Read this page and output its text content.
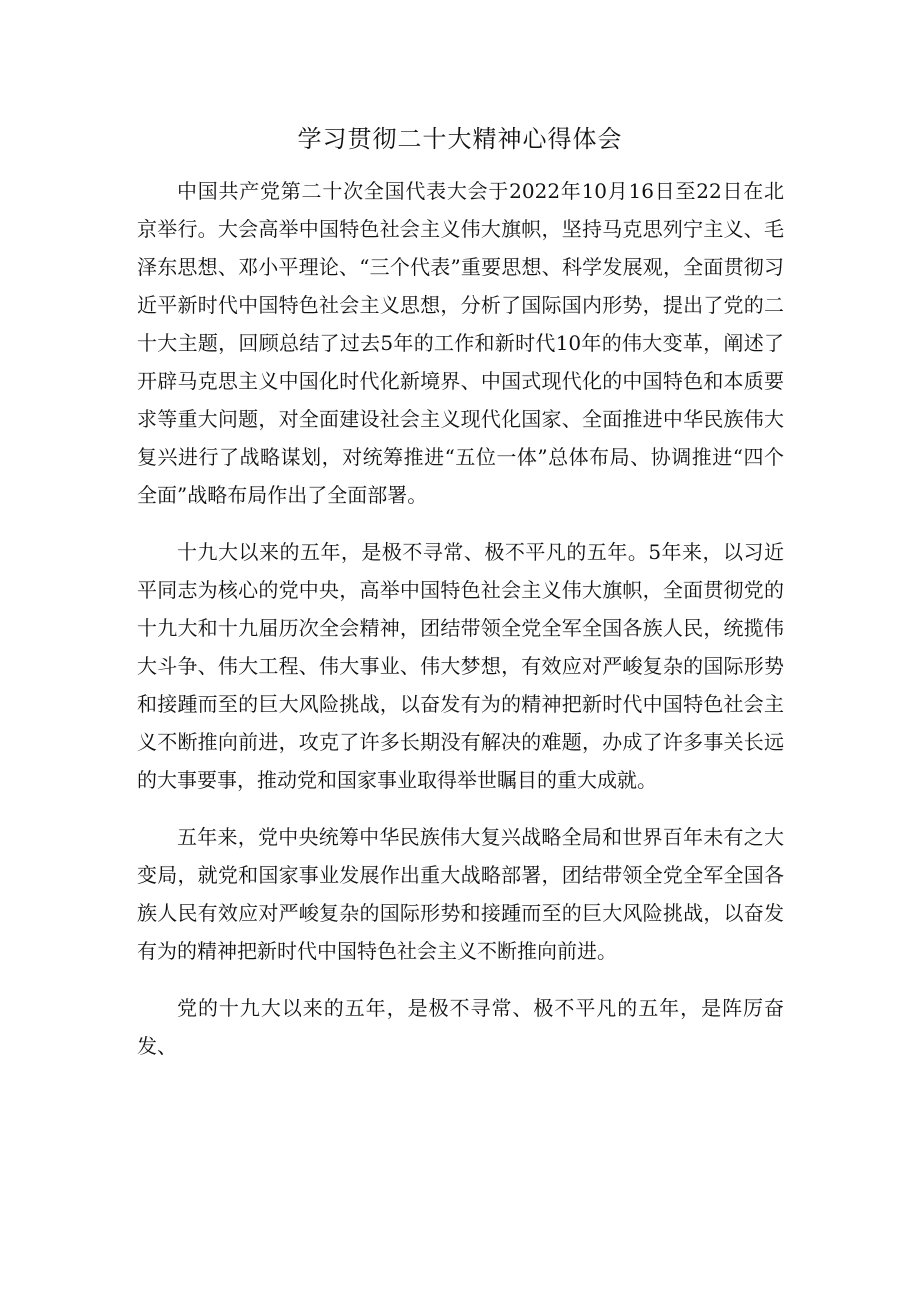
学习贯彻二十大精神心得体会

中国共产党第二十次全国代表大会于2022年10月16日至22日在北京举行。大会高举中国特色社会主义伟大旗帜，坚持马克思列宁主义、毛泽东思想、邓小平理论、“三个代表”重要思想、科学发展观，全面贯彻习近平新时代中国特色社会主义思想，分析了国际国内形势，提出了党的二十大主题，回顾总结了过去5年的工作和新时代10年的伟大变革，阐述了开辟马克思主义中国化时代化新境界、中国式现代化的中国特色和本质要求等重大问题，对全面建设社会主义现代化国家、全面推进中华民族伟大复兴进行了战略谋划，对统筹推进“五位一体”总体布局、协调推进“四个全面”战略布局作出了全面部署。

十九大以来的五年，是极不寻常、极不平凡的五年。5年来，以习近平同志为核心的党中央，高举中国特色社会主义伟大旗帜，全面贯彻党的十九大和十九届历次全会精神，团结带领全党全军全国各族人民，统揽伟大斗争、伟大工程、伟大事业、伟大梦想，有效应对严峻复杂的国际形势和接踵而至的巨大风险挑战，以奋发有为的精神把新时代中国特色社会主义不断推向前进，攻克了许多长期没有解决的难题，办成了许多事关长远的大事要事，推动党和国家事业取得举世瞩目的重大成就。

五年来，党中央统筹中华民族伟大复兴战略全局和世界百年未有之大变局，就党和国家事业发展作出重大战略部署，团结带领全党全军全国各族人民有效应对严峻复杂的国际形势和接踵而至的巨大风险挑战，以奋发有为的精神把新时代中国特色社会主义不断推向前进。

党的十九大以来的五年，是极不寻常、极不平凡的五年，是阵厉奋发、
